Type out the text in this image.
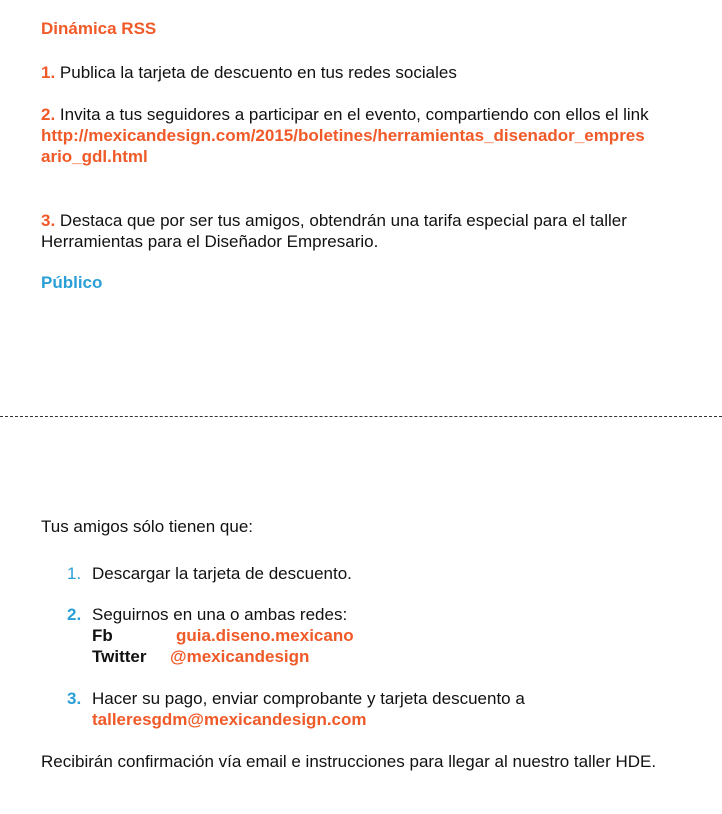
Dinámica RSS
1. Publica la tarjeta de descuento en tus redes sociales
2. Invita a tus seguidores a participar en el evento, compartiendo con ellos el link
http://mexicandesign.com/2015/boletines/herramientas_disenador_empresario_gdl.html
3. Destaca que por ser tus amigos, obtendrán una tarifa especial para el taller Herramientas para el Diseñador Empresario.
Público
Tus amigos sólo tienen que:
1. Descargar la tarjeta de descuento.
2. Seguirnos en una o ambas redes:
Fb	guia.diseno.mexicano
Twitter	@mexicandesign
3. Hacer su pago, enviar comprobante y tarjeta descuento a
talleresgdm@mexicandesign.com
Recibirán confirmación vía email e instrucciones para llegar al nuestro taller HDE.
